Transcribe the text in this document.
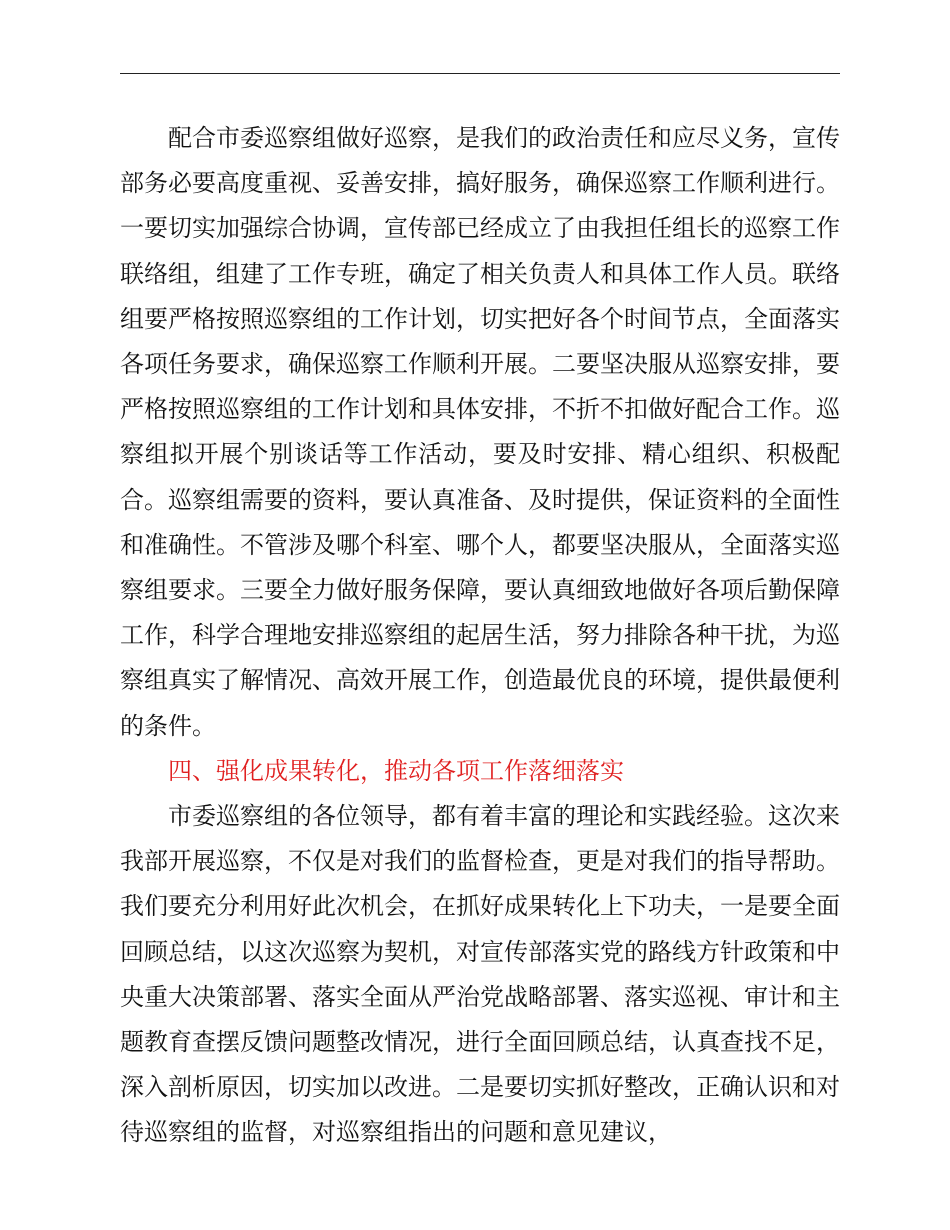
配合市委巡察组做好巡察，是我们的政治责任和应尽义务，宣传部务必要高度重视、妥善安排，搞好服务，确保巡察工作顺利进行。一要切实加强综合协调，宣传部已经成立了由我担任组长的巡察工作联络组，组建了工作专班，确定了相关负责人和具体工作人员。联络组要严格按照巡察组的工作计划，切实把好各个时间节点，全面落实各项任务要求，确保巡察工作顺利开展。二要坚决服从巡察安排，要严格按照巡察组的工作计划和具体安排，不折不扣做好配合工作。巡察组拟开展个别谈话等工作活动，要及时安排、精心组织、积极配合。巡察组需要的资料，要认真准备、及时提供，保证资料的全面性和准确性。不管涉及哪个科室、哪个人，都要坚决服从，全面落实巡察组要求。三要全力做好服务保障，要认真细致地做好各项后勤保障工作，科学合理地安排巡察组的起居生活，努力排除各种干扰，为巡察组真实了解情况、高效开展工作，创造最优良的环境，提供最便利的条件。

四、强化成果转化，推动各项工作落细落实

市委巡察组的各位领导，都有着丰富的理论和实践经验。这次来我部开展巡察，不仅是对我们的监督检查，更是对我们的指导帮助。我们要充分利用好此次机会，在抓好成果转化上下功夫，一是要全面回顾总结，以这次巡察为契机，对宣传部落实党的路线方针政策和中央重大决策部署、落实全面从严治党战略部署、落实巡视、审计和主题教育查摆反馈问题整改情况，进行全面回顾总结，认真查找不足，深入剖析原因，切实加以改进。二是要切实抓好整改，正确认识和对待巡察组的监督，对巡察组指出的问题和意见建议，
